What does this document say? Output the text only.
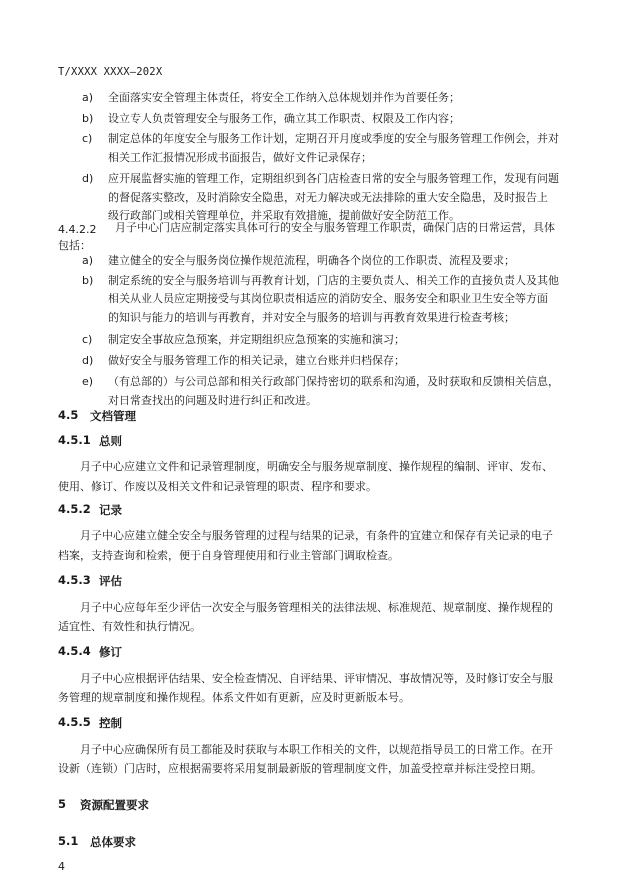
T/XXXX XXXX—202X
a) 全面落实安全管理主体责任，将安全工作纳入总体规划并作为首要任务；
b) 设立专人负责管理安全与服务工作，确立其工作职责、权限及工作内容；
c) 制定总体的年度安全与服务工作计划，定期召开月度或季度的安全与服务管理工作例会，并对
相关工作汇报情况形成书面报告，做好文件记录保存；
d) 应开展监督实施的管理工作，定期组织到各门店检查日常的安全与服务管理工作，发现有问题
的督促落实整改，及时消除安全隐患，对无力解决或无法排除的重大安全隐患，及时报告上
级行政部门或相关管理单位，并采取有效措施，提前做好安全防范工作。
4.4.2.2 月子中心门店应制定落实具体可行的安全与服务管理工作职责，确保门店的日常运营，具体
包括：
a) 建立健全的安全与服务岗位操作规范流程，明确各个岗位的工作职责、流程及要求；
b) 制定系统的安全与服务培训与再教育计划，门店的主要负责人、相关工作的直接负责人及其他
相关从业人员应定期接受与其岗位职责相适应的消防安全、服务安全和职业卫生安全等方面
的知识与能力的培训与再教育，并对安全与服务的培训与再教育效果进行检查考核；
c) 制定安全事故应急预案，并定期组织应急预案的实施和演习；
d) 做好安全与服务管理工作的相关记录，建立台账并归档保存；
e) （有总部的）与公司总部和相关行政部门保持密切的联系和沟通，及时获取和反馈相关信息，
对日常查找出的问题及时进行纠正和改进。
4.5 文档管理
4.5.1 总则
月子中心应建立文件和记录管理制度，明确安全与服务规章制度、操作规程的编制、评审、发布、
使用、修订、作废以及相关文件和记录管理的职责、程序和要求。
4.5.2 记录
月子中心应建立健全安全与服务管理的过程与结果的记录，有条件的宜建立和保存有关记录的电子
档案，支持查询和检索，便于自身管理使用和行业主管部门调取检查。
4.5.3 评估
月子中心应每年至少评估一次安全与服务管理相关的法律法规、标准规范、规章制度、操作规程的
适宜性、有效性和执行情况。
4.5.4 修订
月子中心应根据评估结果、安全检查情况、自评结果、评审情况、事故情况等，及时修订安全与服
务管理的规章制度和操作规程。体系文件如有更新，应及时更新版本号。
4.5.5 控制
月子中心应确保所有员工都能及时获取与本职工作相关的文件，以规范指导员工的日常工作。在开
设新（连锁）门店时，应根据需要将采用复制最新版的管理制度文件，加盖受控章并标注受控日期。
5 资源配置要求
5.1 总体要求
4
